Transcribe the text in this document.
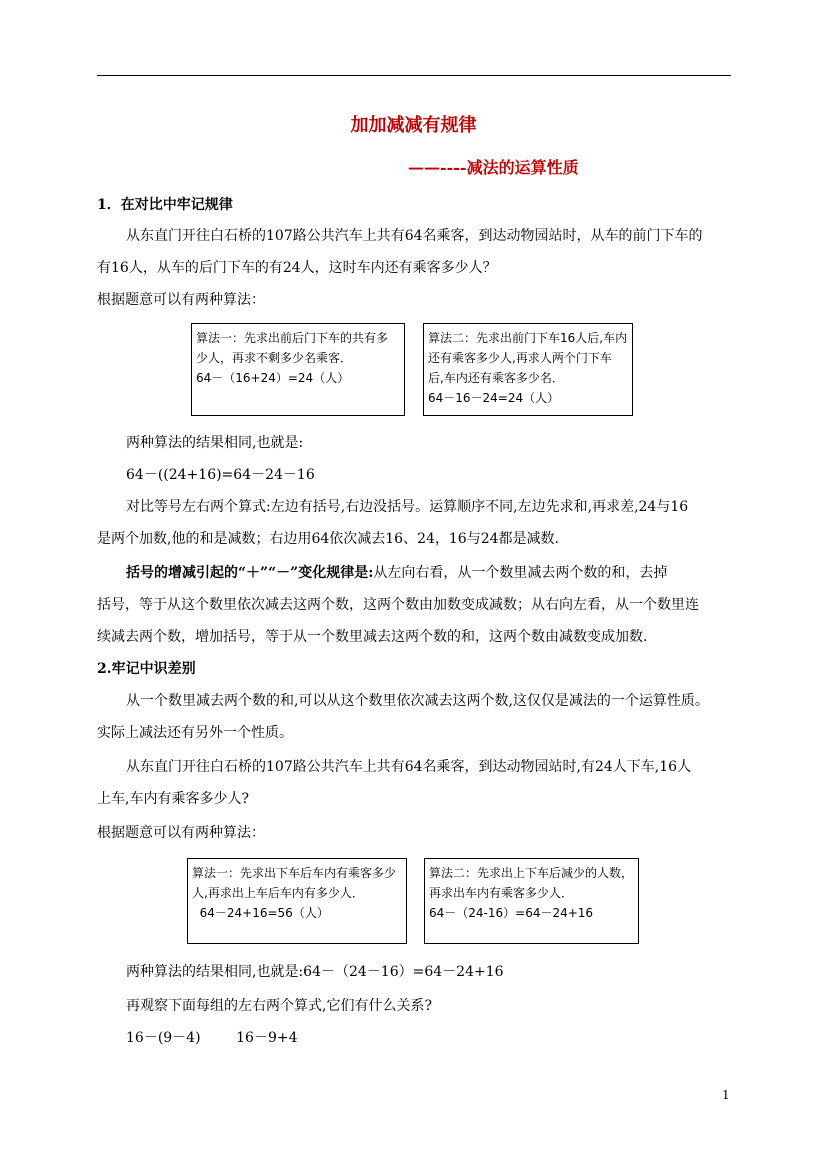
加加减减有规律
——----减法的运算性质
1．在对比中牢记规律
从东直门开往白石桥的107路公共汽车上共有64名乘客，到达动物园站时，从车的前门下车的
有16人，从车的后门下车的有24人，这时车内还有乘客多少人？
根据题意可以有两种算法：
算法一：先求出前后门下车的共有多
少人，再求不剩多少名乘客．
64－（16+24）=24（人）
算法二：先求出前门下车16人后,车内
还有乘客多少人,再求人两个门下车
后,车内还有乘客多少名．
64－16－24=24（人）
两种算法的结果相同,也就是:
64－((24+16)=64－24－16
对比等号左右两个算式:左边有括号,右边没括号。运算顺序不同,左边先求和,再求差,24与16
是两个加数,他的和是减数；右边用64依次减去16、24，16与24都是减数.
括号的增减引起的“＋”“－”变化规律是:从左向右看，从一个数里减去两个数的和，去掉
括号，等于从这个数里依次减去这两个数，这两个数由加数变成减数；从右向左看，从一个数里连
续减去两个数，增加括号，等于从一个数里减去这两个数的和，这两个数由减数变成加数.
2.牢记中识差别
从一个数里减去两个数的和,可以从这个数里依次减去这两个数,这仅仅是减法的一个运算性质。
实际上减法还有另外一个性质。
从东直门开往白石桥的107路公共汽车上共有64名乘客，到达动物园站时,有24人下车,16人
上车,车内有乘客多少人?
根据题意可以有两种算法：
算法一：先求出下车后车内有乘客多少
人,再求出上车后车内有多少人．
64－24+16=56（人）
算法二：先求出上下车后减少的人数，
再求出车内有乘客多少人．
64－（24-16）=64－24+16
两种算法的结果相同,也就是:64－（24－16）=64－24+16
再观察下面每组的左右两个算式,它们有什么关系?
16－(9－4)        16－9+4
1
